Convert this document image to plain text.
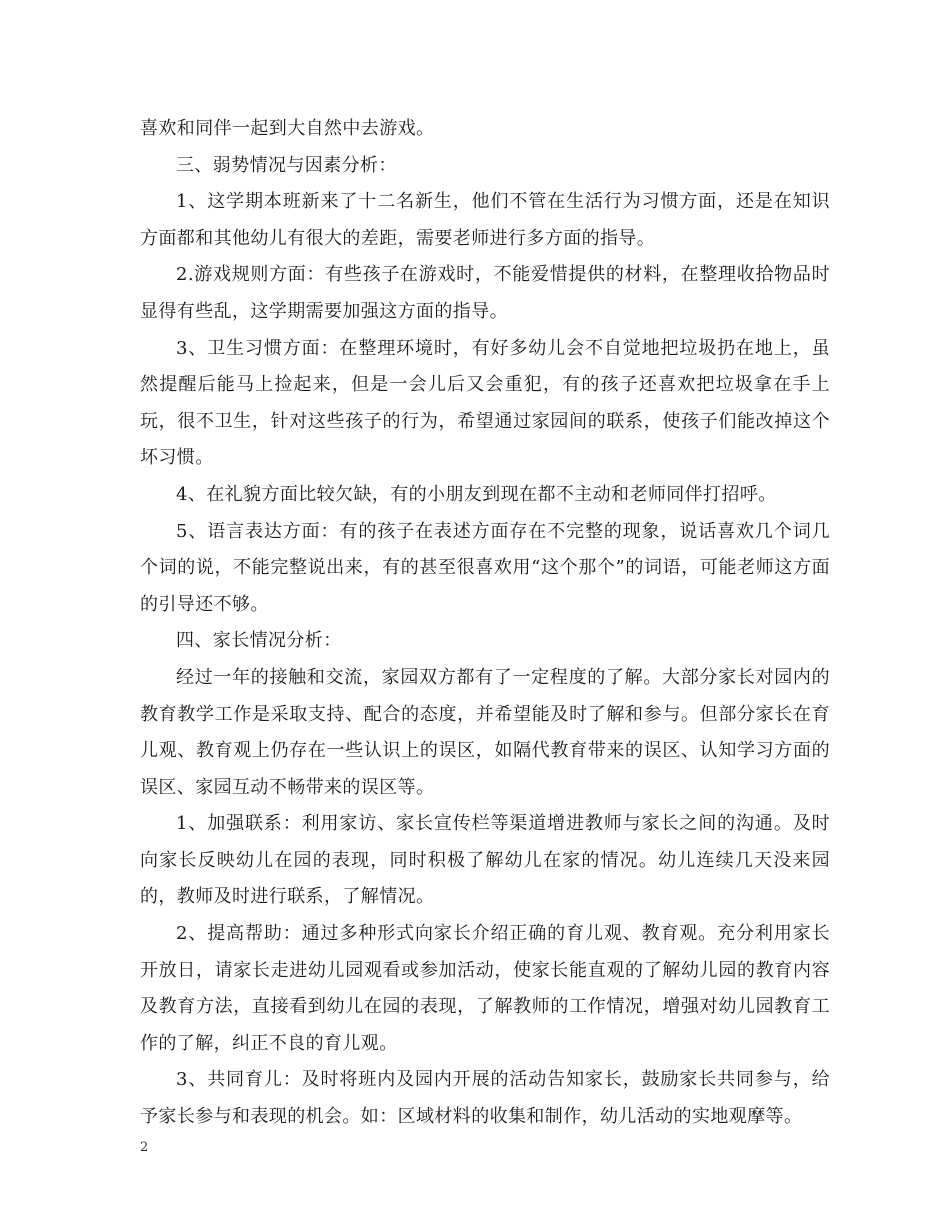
喜欢和同伴一起到大自然中去游戏。

三、弱势情况与因素分析：

1、这学期本班新来了十二名新生，他们不管在生活行为习惯方面，还是在知识方面都和其他幼儿有很大的差距，需要老师进行多方面的指导。

2.游戏规则方面：有些孩子在游戏时，不能爱惜提供的材料，在整理收拾物品时显得有些乱，这学期需要加强这方面的指导。

3、卫生习惯方面：在整理环境时，有好多幼儿会不自觉地把垃圾扔在地上，虽然提醒后能马上捡起来，但是一会儿后又会重犯，有的孩子还喜欢把垃圾拿在手上玩，很不卫生，针对这些孩子的行为，希望通过家园间的联系，使孩子们能改掉这个坏习惯。

4、在礼貌方面比较欠缺，有的小朋友到现在都不主动和老师同伴打招呼。

5、语言表达方面：有的孩子在表述方面存在不完整的现象，说话喜欢几个词几个词的说，不能完整说出来，有的甚至很喜欢用“这个那个”的词语，可能老师这方面的引导还不够。

四、家长情况分析：

经过一年的接触和交流，家园双方都有了一定程度的了解。大部分家长对园内的教育教学工作是采取支持、配合的态度，并希望能及时了解和参与。但部分家长在育儿观、教育观上仍存在一些认识上的误区，如隔代教育带来的误区、认知学习方面的误区、家园互动不畅带来的误区等。

1、加强联系：利用家访、家长宣传栏等渠道增进教师与家长之间的沟通。及时向家长反映幼儿在园的表现，同时积极了解幼儿在家的情况。幼儿连续几天没来园的，教师及时进行联系，了解情况。

2、提高帮助：通过多种形式向家长介绍正确的育儿观、教育观。充分利用家长开放日，请家长走进幼儿园观看或参加活动，使家长能直观的了解幼儿园的教育内容及教育方法，直接看到幼儿在园的表现，了解教师的工作情况，增强对幼儿园教育工作的了解，纠正不良的育儿观。

3、共同育儿：及时将班内及园内开展的活动告知家长，鼓励家长共同参与，给予家长参与和表现的机会。如：区域材料的收集和制作，幼儿活动的实地观摩等。

2
